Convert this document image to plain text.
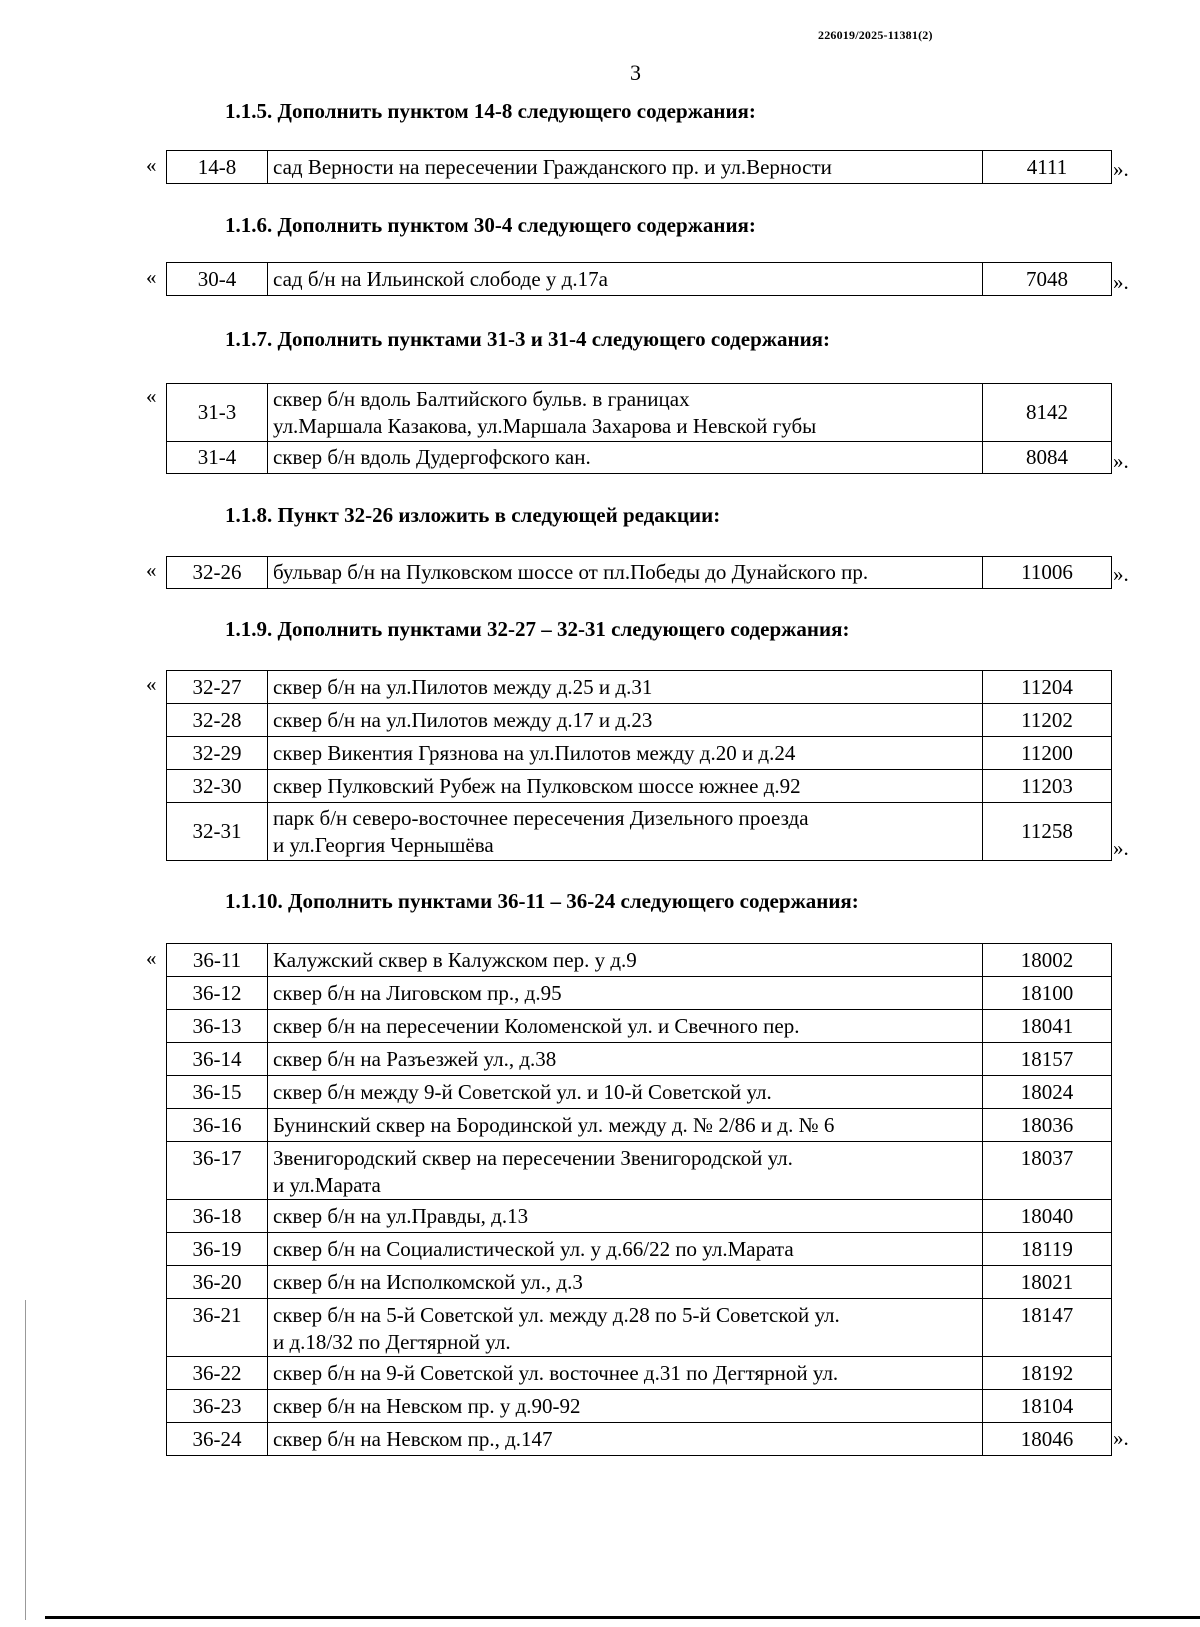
226019/2025-11381(2)
3
1.1.5. Дополнить пунктом 14-8 следующего содержания:
« 14-8	сад Верности на пересечении Гражданского пр. и ул.Верности	4111 ».
1.1.6. Дополнить пунктом 30-4 следующего содержания:
« 30-4	сад б/н на Ильинской слободе у д.17а	7048 ».
1.1.7. Дополнить пунктами 31-3 и 31-4 следующего содержания:
«
31-3	сквер б/н вдоль Балтийского бульв. в границах
ул.Маршала Казакова, ул.Маршала Захарова и Невской губы	8142
31-4	сквер б/н вдоль Дудергофского кан.	8084 ».
1.1.8. Пункт 32-26 изложить в следующей редакции:
« 32-26	бульвар б/н на Пулковском шоссе от пл.Победы до Дунайского пр.	11006 ».
1.1.9. Дополнить пунктами 32-27 – 32-31 следующего содержания:
« 32-27	сквер б/н на ул.Пилотов между д.25 и д.31	11204
32-28	сквер б/н на ул.Пилотов между д.17 и д.23	11202
32-29	сквер Викентия Грязнова на ул.Пилотов между д.20 и д.24	11200
32-30	сквер Пулковский Рубеж на Пулковском шоссе южнее д.92	11203
32-31	парк б/н северо-восточнее пересечения Дизельного проезда
и ул.Георгия Чернышёва	11258
».
1.1.10. Дополнить пунктами 36-11 – 36-24 следующего содержания:
« 36-11	Калужский сквер в Калужском пер. у д.9	18002
36-12	сквер б/н на Лиговском пр., д.95	18100
36-13	сквер б/н на пересечении Коломенской ул. и Свечного пер.	18041
36-14	сквер б/н на Разъезжей ул., д.38	18157
36-15	сквер б/н между 9-й Советской ул. и 10-й Советской ул.	18024
36-16	Бунинский сквер на Бородинской ул. между д. № 2/86 и д. № 6	18036
36-17	Звенигородский сквер на пересечении Звенигородской ул.
и ул.Марата	18037
36-18	сквер б/н на ул.Правды, д.13	18040
36-19	сквер б/н на Социалистической ул. у д.66/22 по ул.Марата	18119
36-20	сквер б/н на Исполкомской ул., д.3	18021
36-21	сквер б/н на 5-й Советской ул. между д.28 по 5-й Советской ул.
и д.18/32 по Дегтярной ул.	18147
36-22	сквер б/н на 9-й Советской ул. восточнее д.31 по Дегтярной ул.	18192
36-23	сквер б/н на Невском пр. у д.90-92	18104
36-24	сквер б/н на Невском пр., д.147	18046 ».
